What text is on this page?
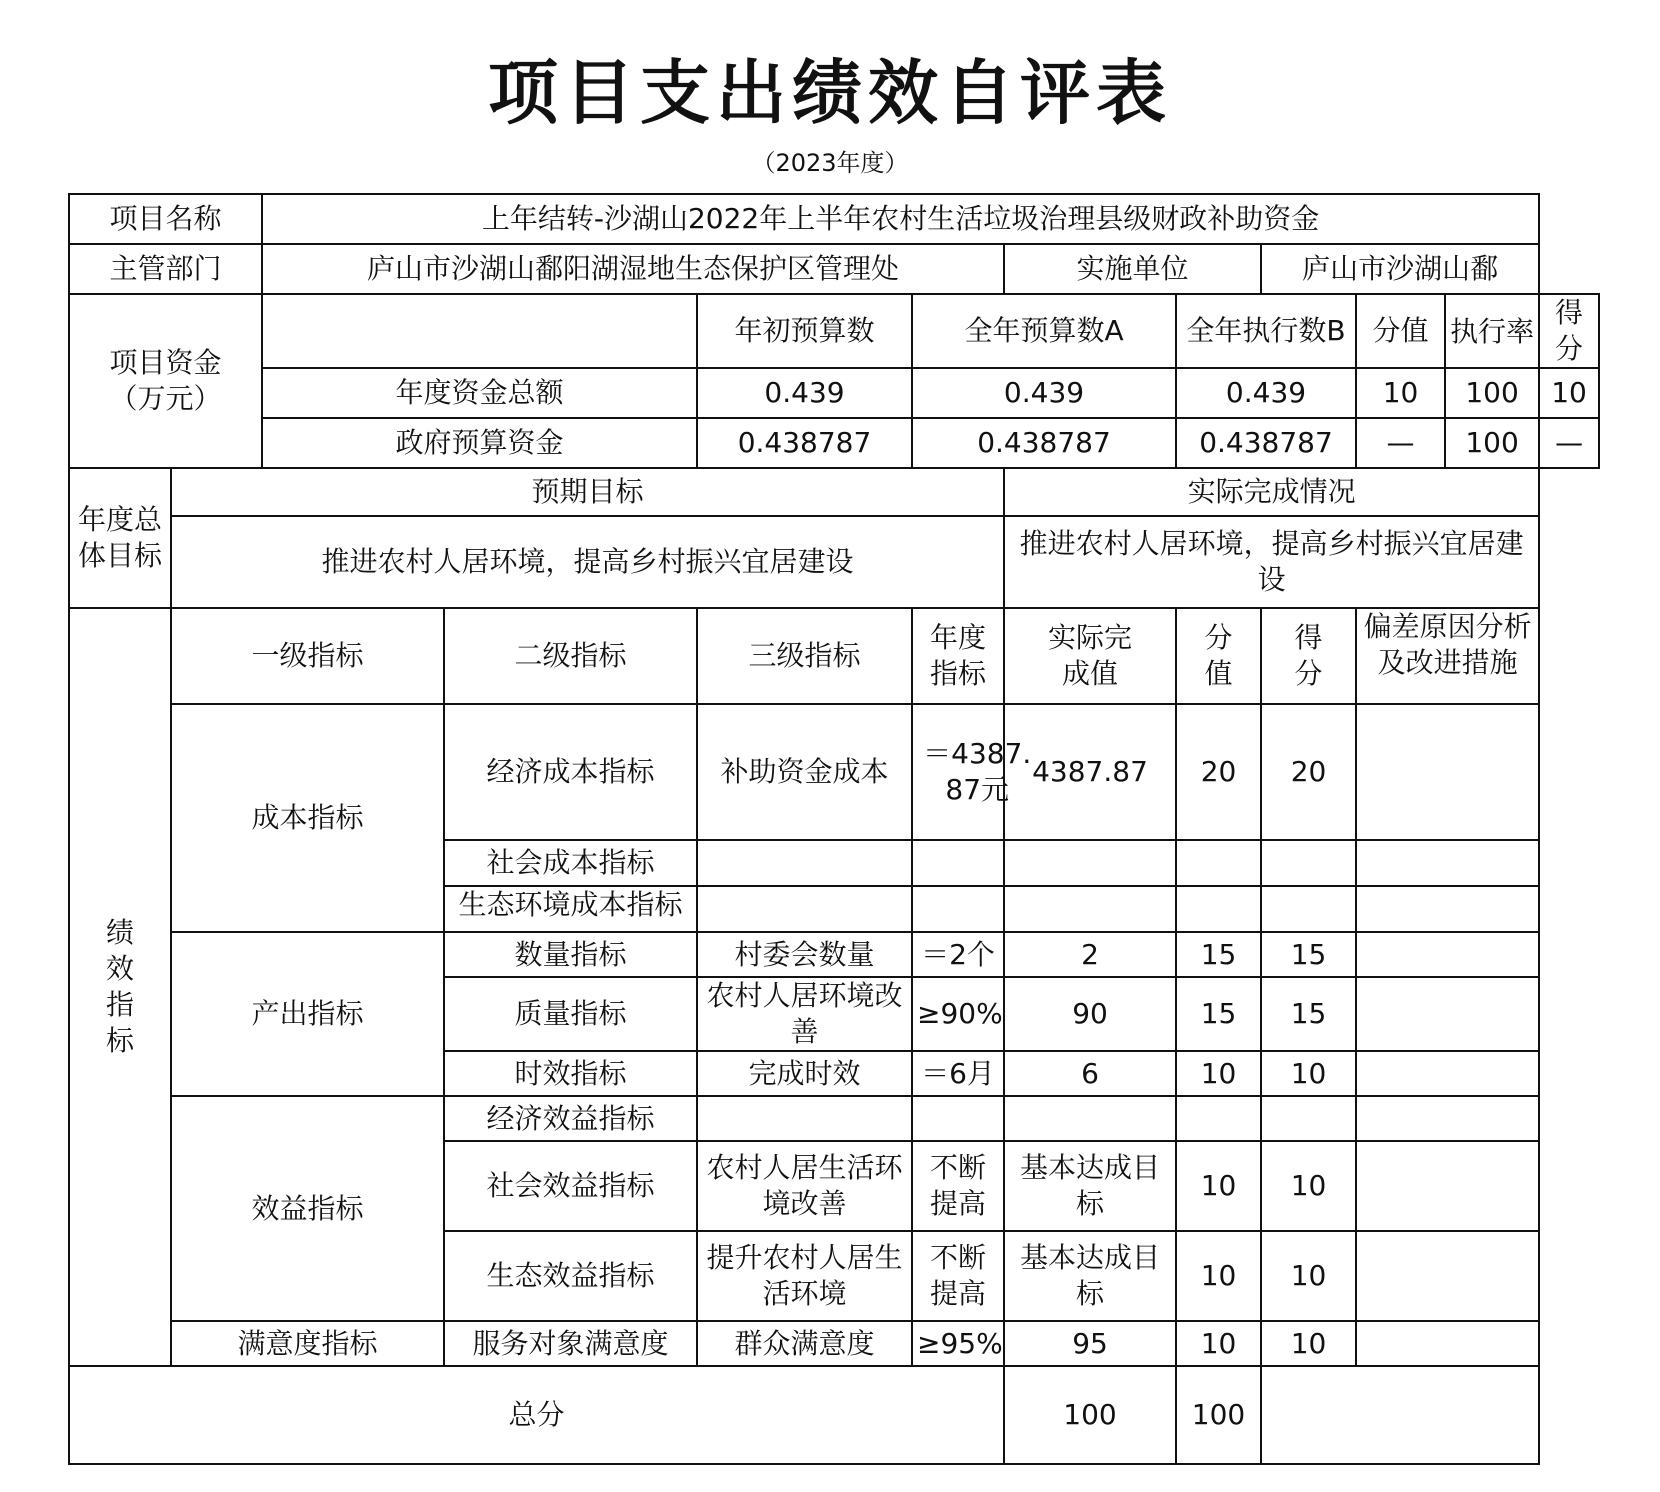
项目支出绩效自评表
（2023年度）
项目名称		上年结转-沙湖山2022年上半年农村生活垃圾治理县级财政补助资金									
主管部门		庐山市沙湖山鄱阳湖湿地生态保护区管理处				实施单位		庐山市沙湖山鄱			

项目资金
（万元）				年初预算数	全年预算数A		全年执行数B		分值	执行率	得分
		年度资金总额		0.439	0.439		0.439		10	100	10
		政府预算资金		0.438787	0.438787		0.438787		—	100	—

年度总体目标	预期目标					实际完成情况					
	推进农村人居环境，提高乡村振兴宜居建设					推进农村人居环境，提高乡村振兴宜居建设					

绩效指标	一级指标		二级指标	三级指标	年度指标	实际完成值	分值	得分	偏差原因分析及改进措施		

	成本指标		经济成本指标	补助资金成本	＝4387.87元	4387.87	20	20			
			社会成本指标								

			生态环境成本指标								

	产出指标		数量指标	村委会数量	＝2个	2	15	15			
			质量指标	农村人居环境改善	≥90%	90	15	15			
			时效指标	完成时效	＝6月	6	10	10			
	效益指标		经济效益指标								
			社会效益指标	农村人居生活环境改善	不断提高	基本达成目标	10	10			
			生态效益指标	提升农村人居生活环境	不断提高	基本达成目标	10	10			
	满意度指标		服务对象满意度	群众满意度	≥95%	95	10	10			
总分						100	100				
